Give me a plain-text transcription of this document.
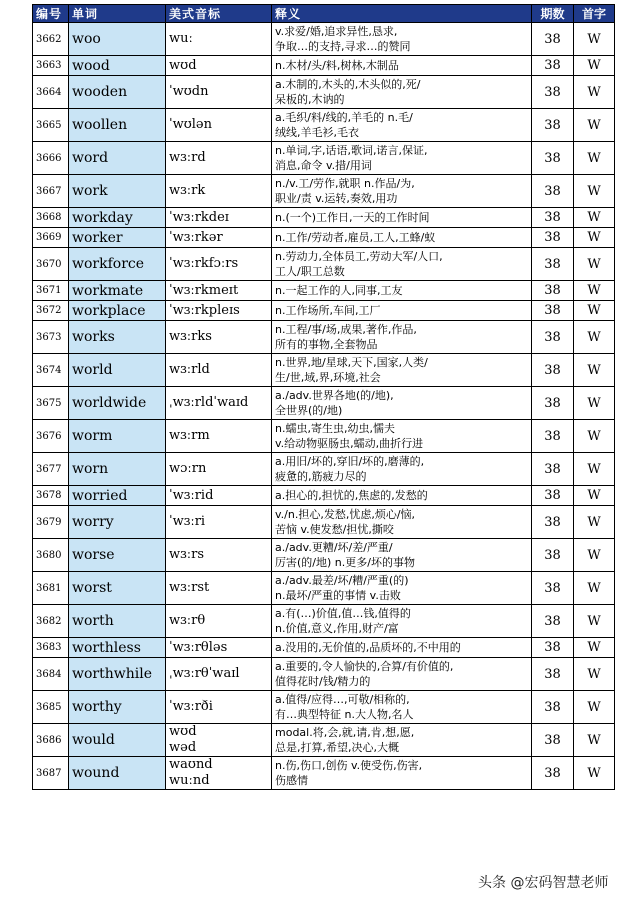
编号	单词	美式音标	释义	期数	首字
3662	woo	wuː	v.求爱/婚,追求异性,恳求,
争取…的支持,寻求…的赞同	38	W
3663	wood	wʊd	n.木材/头/料,树林,木制品	38	W
3664	wooden	ˈwʊdn	a.木制的,木头的,木头似的,死/
呆板的,木讷的	38	W
3665	woollen	ˈwʊlən	a.毛织/料/线的,羊毛的 n.毛/
绒线,羊毛衫,毛衣	38	W
3666	word	wɜːrd	n.单词,字,话语,歌词,诺言,保证,
消息,命令 v.措/用词	38	W
3667	work	wɜːrk	n./v.工/劳作,就职 n.作品/为,
职业/责 v.运转,奏效,用功	38	W
3668	workday	ˈwɜːrkdeɪ	n.(一个)工作日,一天的工作时间	38	W
3669	worker	ˈwɜːrkər	n.工作/劳动者,雇员,工人,工蜂/蚁	38	W
3670	workforce	ˈwɜːrkfɔːrs	n.劳动力,全体员工,劳动大军/人口,
工人/职工总数	38	W
3671	workmate	ˈwɜːrkmeɪt	n.一起工作的人,同事,工友	38	W
3672	workplace	ˈwɜːrkpleɪs	n.工作场所,车间,工厂	38	W
3673	works	wɜːrks	n.工程/事/场,成果,著作,作品,
所有的事物,全套物品	38	W
3674	world	wɜːrld	n.世界,地/星球,天下,国家,人类/
生/世,域,界,环境,社会	38	W
3675	worldwide	ˌwɜːrldˈwaɪd	a./adv.世界各地(的/地),
全世界(的/地)	38	W
3676	worm	wɜːrm	n.蠕虫,寄生虫,幼虫,懦夫
v.给动物驱肠虫,蠕动,曲折行进	38	W
3677	worn	wɔːrn	a.用旧/坏的,穿旧/坏的,磨薄的,
疲惫的,筋疲力尽的	38	W
3678	worried	ˈwɜːrid	a.担心的,担忧的,焦虑的,发愁的	38	W
3679	worry	ˈwɜːri	v./n.担心,发愁,忧虑,烦心/恼,
苦恼 v.使发愁/担忧,撕咬	38	W
3680	worse	wɜːrs	a./adv.更糟/坏/差/严重/
厉害(的/地) n.更多/坏的事物	38	W
3681	worst	wɜːrst	a./adv.最差/坏/糟/严重(的)
n.最坏/严重的事情 v.击败	38	W
3682	worth	wɜːrθ	a.有(…)价值,值…钱,值得的
n.价值,意义,作用,财产/富	38	W
3683	worthless	ˈwɜːrθləs	a.没用的,无价值的,品质坏的,不中用的	38	W
3684	worthwhile	ˌwɜːrθˈwaɪl	a.重要的,令人愉快的,合算/有价值的,
值得花时/钱/精力的	38	W
3685	worthy	ˈwɜːrði	a.值得/应得…,可敬/相称的,
有…典型特征 n.大人物,名人	38	W
3686	would	wʊd
wəd	modal.将,会,就,请,肯,想,愿,
总是,打算,希望,决心,大概	38	W
3687	wound	waʊnd
wuːnd	n.伤,伤口,创伤 v.使受伤,伤害,
伤感情	38	W
头条 @宏码智慧老师
